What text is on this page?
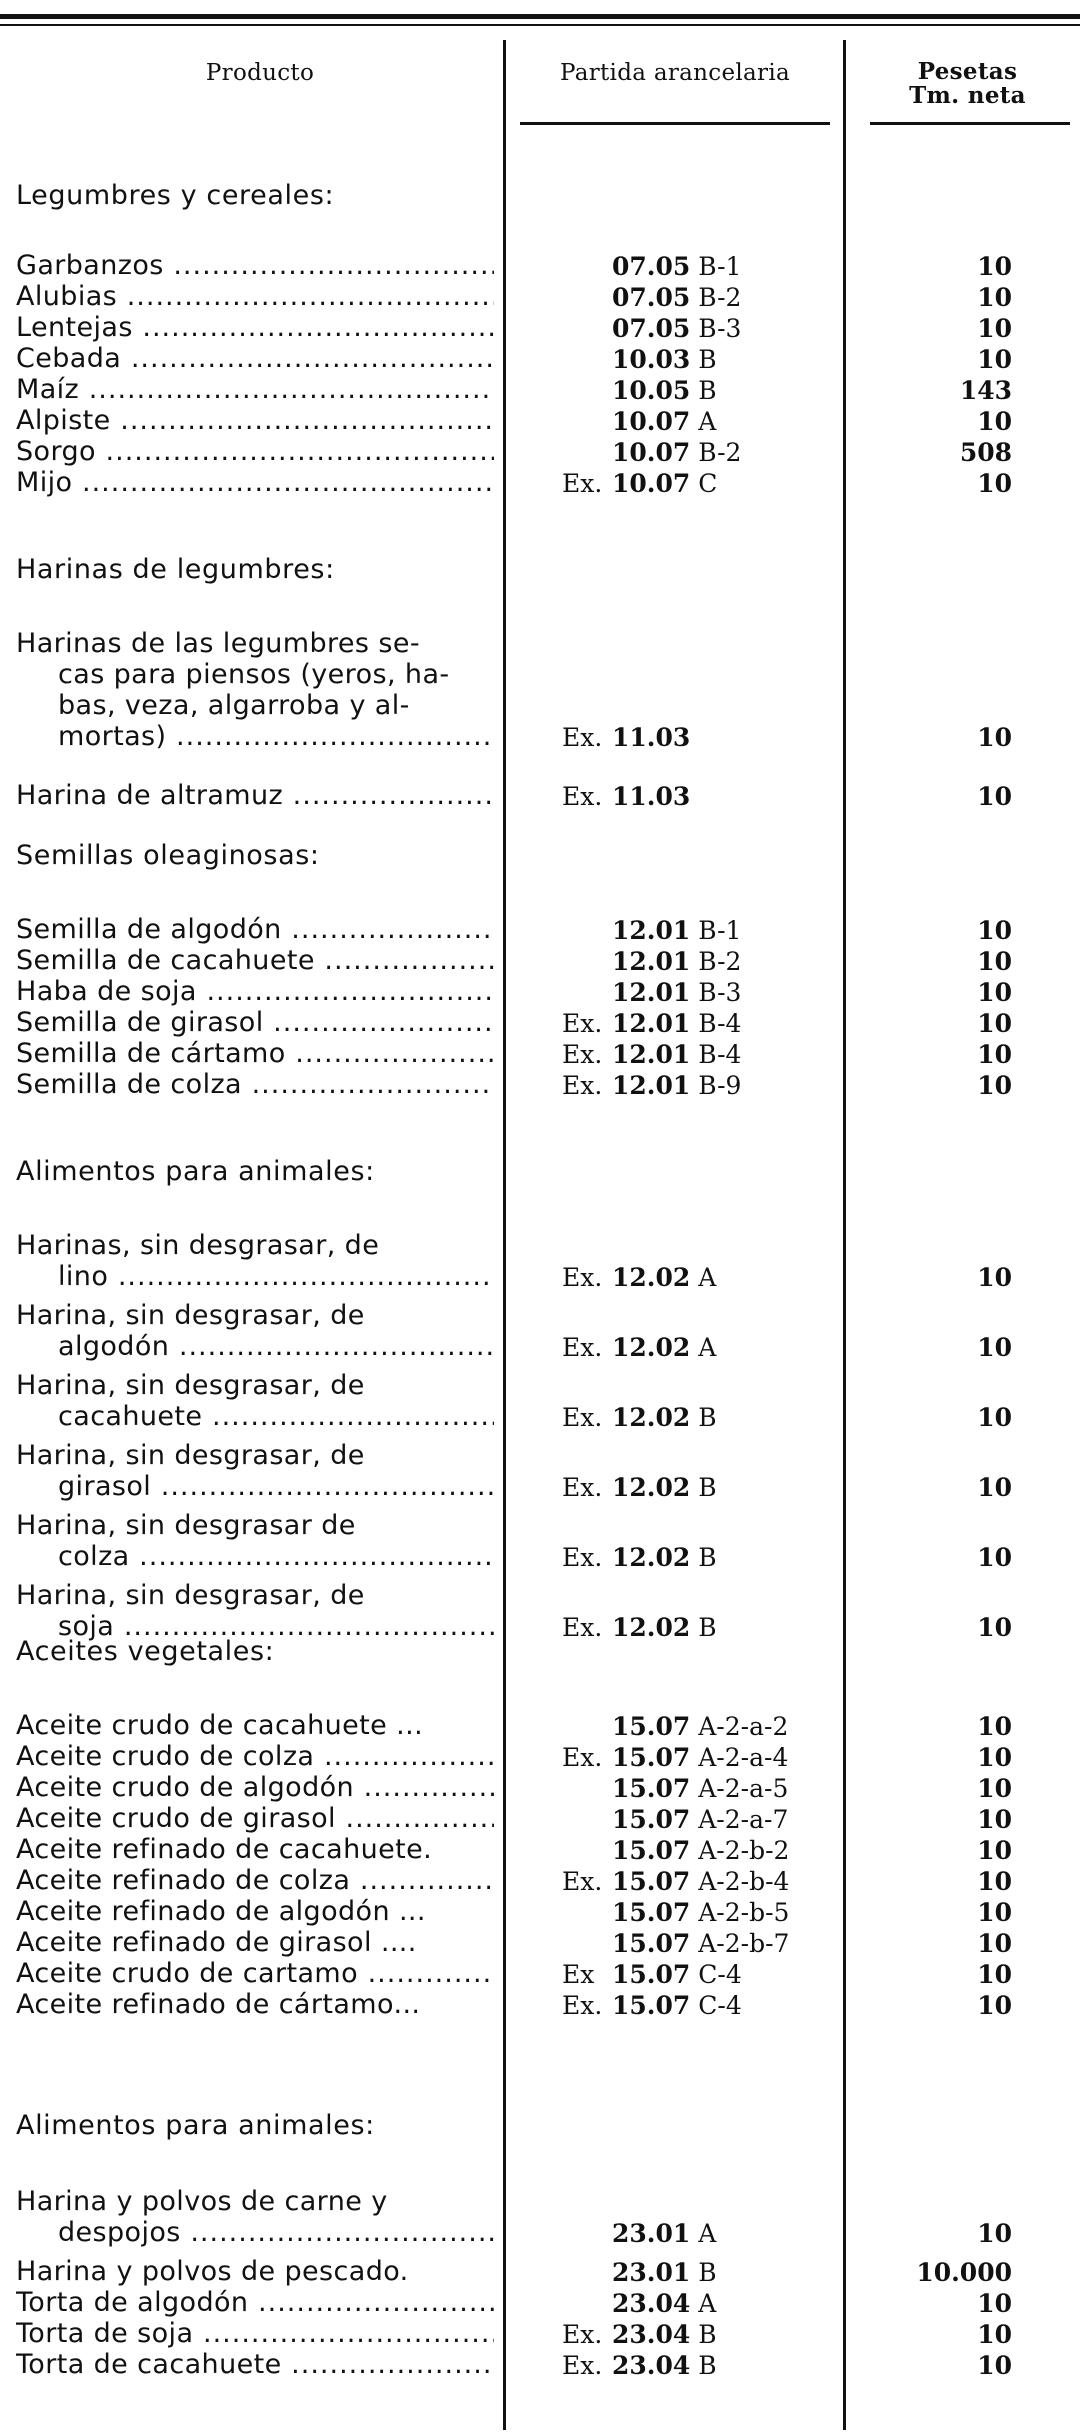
Producto	Partida arancelaria	Pesetas
Tm. neta
Legumbres y cereales:
Harinas de legumbres:
Semillas oleaginosas:
Alimentos para animales:
Aceites vegetales:
Alimentos para animales:
Garbanzos .....	07.05 B-1	10
Alubias .....	07.05 B-2	10
Lentejas .....	07.05 B-3	10
Cebada .....	10.03 B	10
Maíz .....	10.05 B	143
Alpiste .....	10.07 A	10
Sorgo .....	10.07 B-2	508
Mijo .....	Ex. 10.07 C	10
Harinas de las legumbres se-
cas para piensos (yeros, ha-
bas, veza, algarroba y al-
mortas) .....	Ex. 11.03	10
Harina de altramuz .....	Ex. 11.03	10
Semilla de algodón .....	12.01 B-1	10
Semilla de cacahuete .....	12.01 B-2	10
Haba de soja .....	12.01 B-3	10
Semilla de girasol .....	Ex. 12.01 B-4	10
Semilla de cártamo .....	Ex. 12.01 B-4	10
Semilla de colza .....	Ex. 12.01 B-9	10
Harinas, sin desgrasar, de
lino .....	Ex. 12.02 A	10
Harina, sin desgrasar, de
algodón .....	Ex. 12.02 A	10
Harina, sin desgrasar, de
cacahuete .....	Ex. 12.02 B	10
Harina, sin desgrasar, de
girasol .....	Ex. 12.02 B	10
Harina, sin desgrasar de
colza .....	Ex. 12.02 B	10
Harina, sin desgrasar, de
soja .....	Ex. 12.02 B	10
Aceite crudo de cacahuete ...	15.07 A-2-a-2	10
Aceite crudo de colza .....	Ex. 15.07 A-2-a-4	10
Aceite crudo de algodón .....	15.07 A-2-a-5	10
Aceite crudo de girasol .....	15.07 A-2-a-7	10
Aceite refinado de cacahuete.	15.07 A-2-b-2	10
Aceite refinado de colza .....	Ex. 15.07 A-2-b-4	10
Aceite refinado de algodón ...	15.07 A-2-b-5	10
Aceite refinado de girasol ....	15.07 A-2-b-7	10
Aceite crudo de cartamo .....	Ex 15.07 C-4	10
Aceite refinado de cártamo...	Ex. 15.07 C-4	10
Harina y polvos de carne y
despojos .....	23.01 A	10
Harina y polvos de pescado.	23.01 B	10.000
Torta de algodón .....	23.04 A	10
Torta de soja .....	Ex. 23.04 B	10
Torta de cacahuete .....	Ex. 23.04 B	10
